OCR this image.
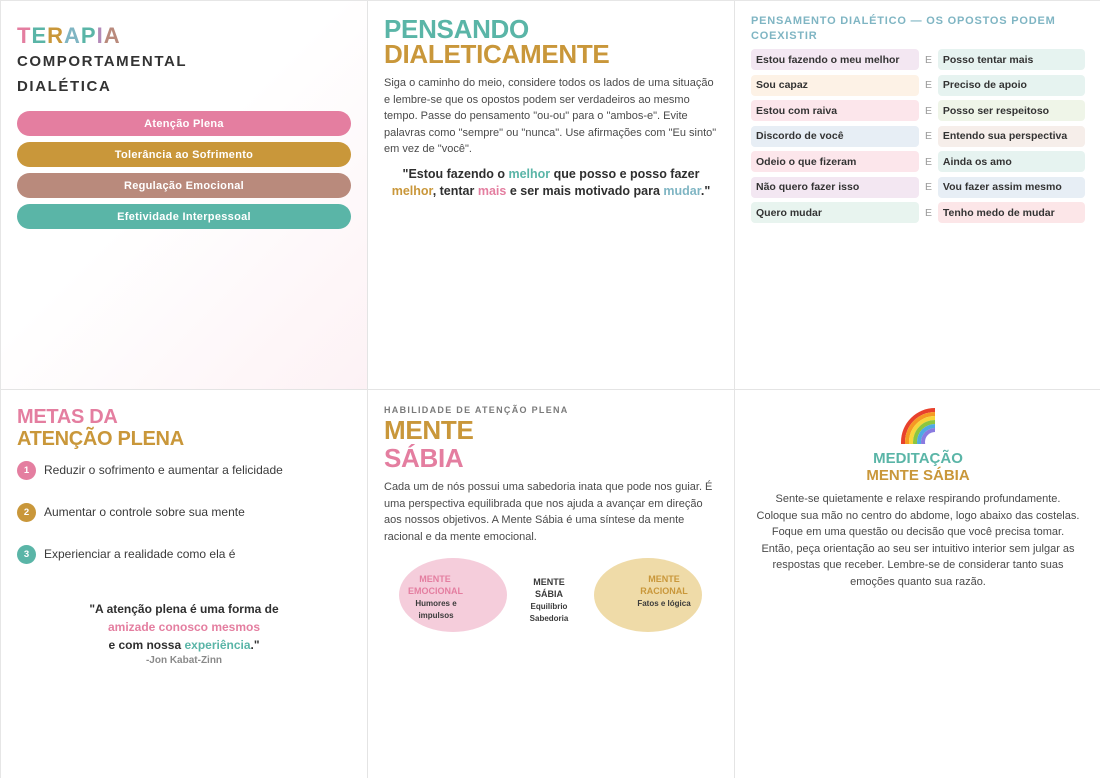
TERAPIA
COMPORTAMENTAL
DIALÉTICA
Atenção Plena
Tolerância ao Sofrimento
Regulação Emocional
Efetividade Interpessoal
PENSANDO
DIALETICAMENTE

Siga o caminho do meio, considere todos os lados de uma situação e lembre-se que os opostos podem ser verdadeiros ao mesmo tempo. Passe do pensamento "ou-ou" para o "ambos-e". Evite palavras como "sempre" ou "nunca". Use afirmações com "Eu sinto" em vez de "você".

"Estou fazendo o melhor que posso e posso fazer melhor, tentar mais e ser mais motivado para mudar."

PENSAMENTO DIALÉTICO — OS OPOSTOS PODEM COEXISTIR
Estou fazendo o meu melhor	E	Posso tentar mais
Sou capaz	E	Preciso de apoio
Estou com raiva	E	Posso ser respeitoso
Discordo de você	E	Entendo sua perspectiva
Odeio o que fizeram	E	Ainda os amo
Não quero fazer isso	E	Vou fazer assim mesmo
Quero mudar	E	Tenho medo de mudar
METAS DA
ATENÇÃO PLENA
1	Reduzir o sofrimento e aumentar a felicidade
2	Aumentar o controle sobre sua mente
3	Experienciar a realidade como ela é
"A atenção plena é uma forma de
amizade conosco mesmos
e com nossa experiência."
-Jon Kabat-Zinn
HABILIDADE DE ATENÇÃO PLENA
MENTE
SÁBIA

Cada um de nós possui uma sabedoria inata que pode nos guiar. É uma perspectiva equilibrada que nos ajuda a avançar em direção aos nossos objetivos. A Mente Sábia é uma síntese da mente racional e da mente emocional.

MENTE
EMOCIONAL
Humores e
impulsos
MENTE
SÁBIA
Equilíbrio
Sabedoria
MENTE
RACIONAL
Fatos e lógica
MEDITAÇÃO
MENTE SÁBIA

Sente-se quietamente e relaxe respirando profundamente. Coloque sua mão no centro do abdome, logo abaixo das costelas. Foque em uma questão ou decisão que você precisa tomar. Então, peça orientação ao seu ser intuitivo interior sem julgar as respostas que receber. Lembre-se de considerar tanto suas emoções quanto sua razão.
